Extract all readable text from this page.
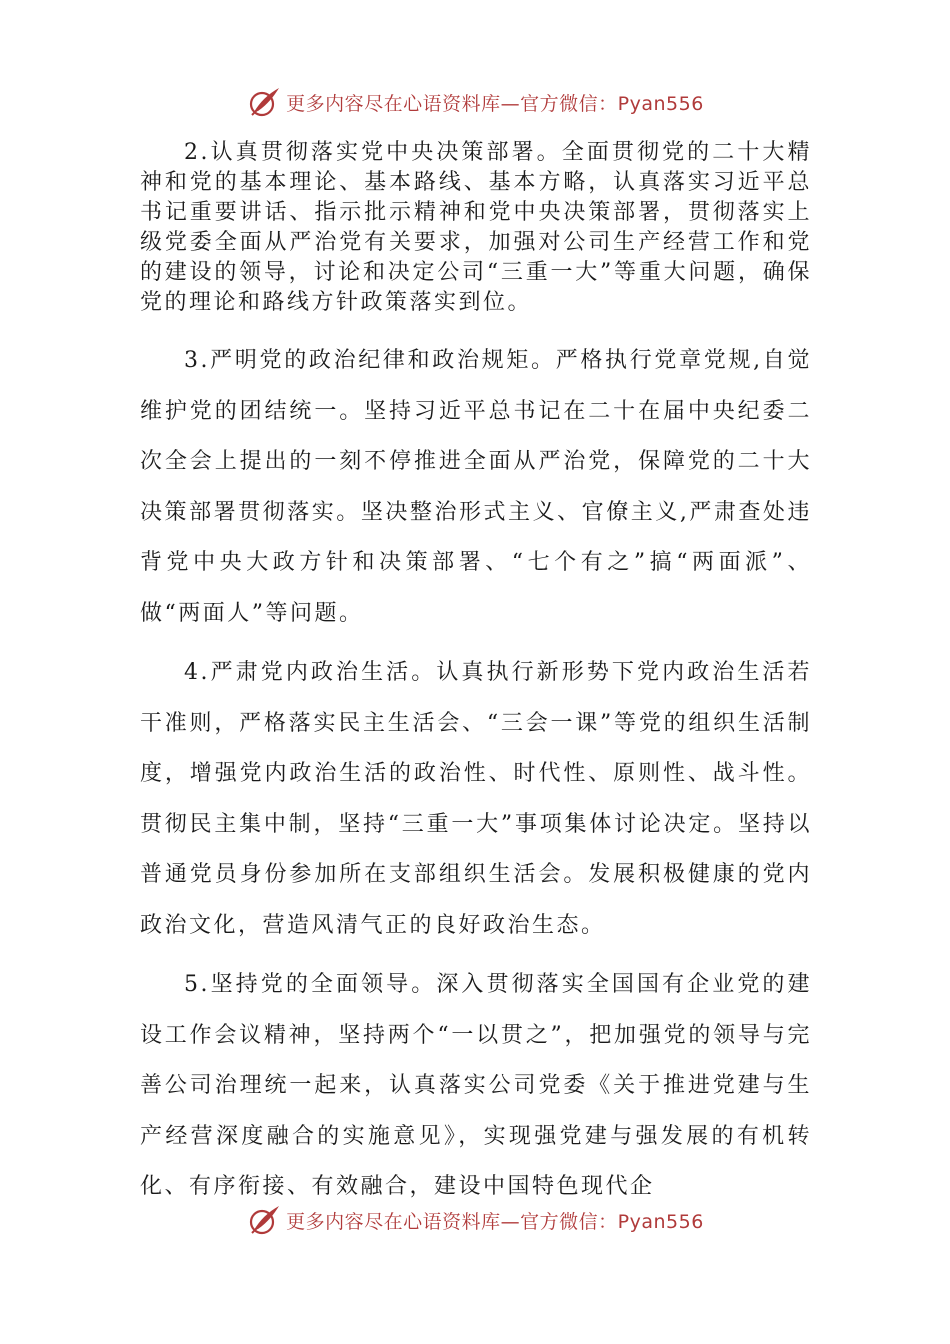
更多内容尽在心语资料库—官方微信：Pyan556

2.认真贯彻落实党中央决策部署。全面贯彻党的二十大精神和党的基本理论、基本路线、基本方略，认真落实习近平总书记重要讲话、指示批示精神和党中央决策部署，贯彻落实上级党委全面从严治党有关要求，加强对公司生产经营工作和党的建设的领导，讨论和决定公司“三重一大”等重大问题，确保党的理论和路线方针政策落实到位。

3.严明党的政治纪律和政治规矩。严格执行党章党规,自觉维护党的团结统一。坚持习近平总书记在二十在届中央纪委二次全会上提出的一刻不停推进全面从严治党，保障党的二十大决策部署贯彻落实。坚决整治形式主义、官僚主义,严肃查处违背党中央大政方针和决策部署、“七个有之”搞“两面派”、做“两面人”等问题。

4.严肃党内政治生活。认真执行新形势下党内政治生活若干准则，严格落实民主生活会、“三会一课”等党的组织生活制度，增强党内政治生活的政治性、时代性、原则性、战斗性。贯彻民主集中制，坚持“三重一大”事项集体讨论决定。坚持以普通党员身份参加所在支部组织生活会。发展积极健康的党内政治文化，营造风清气正的良好政治生态。

5.坚持党的全面领导。深入贯彻落实全国国有企业党的建设工作会议精神，坚持两个“一以贯之”，把加强党的领导与完善公司治理统一起来，认真落实公司党委《关于推进党建与生产经营深度融合的实施意见》，实现强党建与强发展的有机转化、有序衔接、有效融合，建设中国特色现代企

更多内容尽在心语资料库—官方微信：Pyan556
